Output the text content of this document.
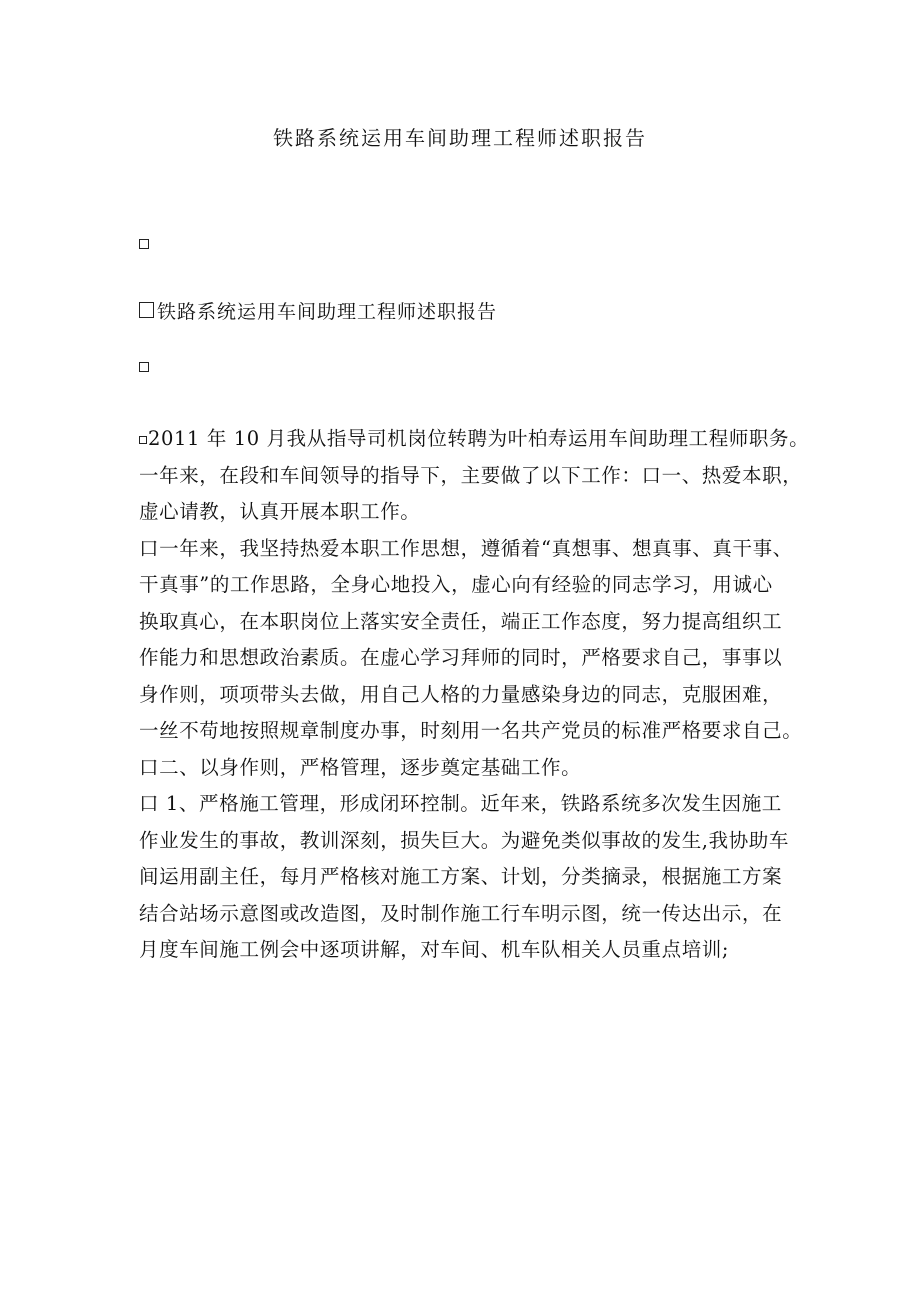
铁路系统运用车间助理工程师述职报告
铁路系统运用车间助理工程师述职报告
2011 年 10 月我从指导司机岗位转聘为叶柏寿运用车间助理工程师职务。
一年来，在段和车间领导的指导下，主要做了以下工作：口一、热爱本职，
虚心请教，认真开展本职工作。
口一年来，我坚持热爱本职工作思想，遵循着“真想事、想真事、真干事、
干真事”的工作思路，全身心地投入，虚心向有经验的同志学习，用诚心
换取真心，在本职岗位上落实安全责任，端正工作态度，努力提高组织工
作能力和思想政治素质。在虚心学习拜师的同时，严格要求自己，事事以
身作则，项项带头去做，用自己人格的力量感染身边的同志，克服困难，
一丝不苟地按照规章制度办事，时刻用一名共产党员的标准严格要求自己。
口二、以身作则，严格管理，逐步奠定基础工作。
口 1、严格施工管理，形成闭环控制。近年来，铁路系统多次发生因施工
作业发生的事故，教训深刻，损失巨大。为避免类似事故的发生,我协助车
间运用副主任，每月严格核对施工方案、计划，分类摘录，根据施工方案
结合站场示意图或改造图，及时制作施工行车明示图，统一传达出示，在
月度车间施工例会中逐项讲解，对车间、机车队相关人员重点培训;
